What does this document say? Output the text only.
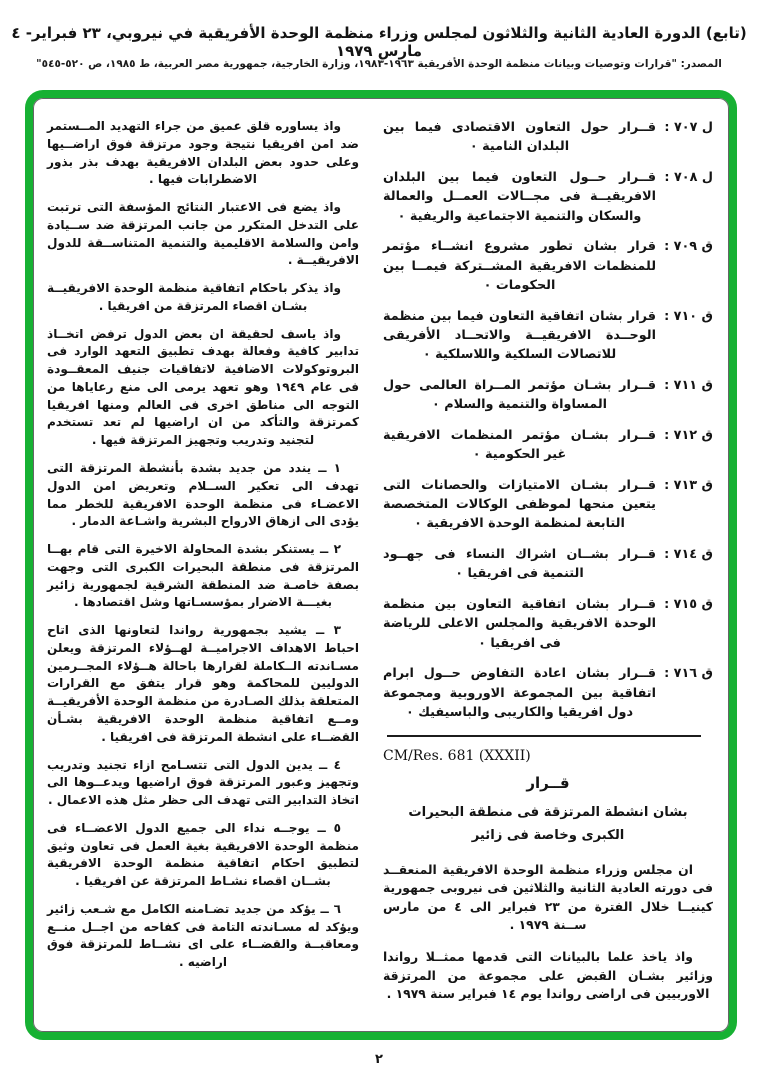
(تابع) الدورة العادية الثانية والثلاثون لمجلس وزراء منظمة الوحدة الأفريقية في نيروبي، ٢٣ فبراير- ٤ مارس ١٩٧٩
المصدر: "قرارات وتوصيات وبيانات منظمة الوحدة الأفريقية ١٩٦٣-١٩٨٣، وزارة الخارجية، جمهورية مصر العربية، ط ١٩٨٥، ص ٥٢٠-٥٤٥"
ل ٧٠٧ :
قــرار حول التعاون الاقتصادى فيما بين البلدان النامية ٠
ل ٧٠٨ :
قــرار حــول التعاون فيما بين البلدان الافريقيــة فى مجــالات العمــل والعمالة والسكان والتنمية الاجتماعية والريفية ٠
ق ٧٠٩ :
قرار بشان تطور مشروع انشــاء مؤتمر للمنظمات الافريقية المشــتركة فيمــا بين الحكومات ٠
ق ٧١٠ :
قرار بشان اتفاقية التعاون فيما بين منظمة الوحــدة الافريقيــة والاتحــاد الأفريقى للاتصالات السلكية واللاسلكية ٠
ق ٧١١ :
قــرار بشـان مؤتمر المــراة العالمى حول المساواة والتنمية والسلام ٠
ق ٧١٢ :
قــرار بشـان مؤتمر المنظمات الافريقية غير الحكومية ٠
ق ٧١٣ :
قــرار بشـان الامتيازات والحصانات التى يتعين منحها لموظفى الوكالات المتخصصة التابعة لمنظمة الوحدة الافريقية ٠
ق ٧١٤ :
قــرار بشــان اشراك النساء فى جهــود التنمية فى افريقيا ٠
ق ٧١٥ :
قــرار بشان اتفاقية التعاون بين منظمة الوحدة الافريقية والمجلس الاعلى للرياضة فى افريقيا ٠
ق ٧١٦ :
قــرار بشان اعادة التفاوض حــول ابرام اتفاقية بين المجموعة الاوروبية ومجموعة دول افريقيا والكاريبى والباسيفيك ٠
CM/Res. 681 (XXXII)
قــرار
بشان انشطة المرتزقة فى منطقة البحيرات
الكبرى وخاصة فى زائير
ان مجلس وزراء منظمة الوحدة الافريقية المنعقــد فى دورته العادية الثانية والثلاثين فى نيروبى جمهورية كينيــا خلال الفترة من ٢٣ فبراير الى ٤ من مارس ســنة ١٩٧٩ .
واذ ياخذ علما بالبيانات التى قدمها ممثــلا رواندا وزائير بشـان القبض على مجموعة من المرتزقة الاوربيين فى اراضى رواندا يوم ١٤ فبراير سنة ١٩٧٩ .
واذ يساوره قلق عميق من جراء التهديد المــستمر ضد امن افريقيا نتيجة وجود مرتزقة فوق اراضــيها وعلى حدود بعض البلدان الافريقية بهدف بذر بذور الاضطرابات فيها .
واذ يضع فى الاعتبار النتائج المؤسفة التى ترتبت على التدخل المتكرر من جانب المرتزقة ضد ســيادة وامن والسلامة الاقليمية والتنمية المتناســقة للدول الافريقيــة .
واذ يذكر باحكام اتفاقية منظمة الوحدة الافريقيــة بشـان اقصاء المرتزقة من افريقيا .
واذ ياسف لحقيقة ان بعض الدول ترفض اتخــاذ تدابير كافية وفعالة بهدف تطبيق التعهد الوارد فى البروتوكولات الاضافية لاتفاقيات جنيف المعقــودة فى عام ١٩٤٩ وهو تعهد يرمى الى منع رعاياها من التوجه الى مناطق اخرى فى العالم ومنها افريقيا كمرتزقة والتأكد من ان اراضيها لم تعد تستخدم لتجنيد وتدريب وتجهيز المرتزقة فيها .
١ ــ يندد من جديد بشدة بأنشطة المرتزقة التى تهدف الى تعكير الســلام وتعريض امن الدول الاعضـاء فى منظمة الوحدة الافريقية للخطر مما يؤدى الى ازهاق الارواح البشرية واشـاعة الدمار .
٢ ــ يستنكر بشدة المحاولة الاخيرة التى قام بهــا المرتزقة فى منطقة البحيرات الكبرى التى وجهت بصفة خاصـة ضد المنطقة الشرقية لجمهورية زائير بغيـــة الاضرار بمؤسسـاتها وشل اقتصادها .
٣ ــ يشيد بجمهورية رواندا لتعاونها الذى اتاح احباط الاهداف الاجراميــة لهــؤلاء المرتزقة ويعلن مسـاندته الــكاملة لقرارها باحالة هــؤلاء المجــرمين الدوليين للمحاكمة وهو قرار يتفق مع القرارات المتعلقة بذلك الصـادرة من منظمة الوحدة الأفريقيــة ومــع اتفاقية منظمة الوحدة الافريقية بشـأن القضــاء على انشطة المرتزقة فى افريقيا .
٤ ــ يدين الدول التى تتسـامح ازاء تجنيد وتدريب وتجهيز وعبور المرتزقة فوق اراضيها ويدعــوها الى اتخاذ التدابير التى تهدف الى حظر مثل هذه الاعمال .
٥ ــ يوجــه نداء الى جميع الدول الاعضــاء فى منظمة الوحدة الافريقية بغية العمل فى تعاون وثيق لتطبيق احكام اتفاقية منظمة الوحدة الافريقية بشــان اقصاء نشـاط المرتزقة عن افريقيا .
٦ ــ يؤكد من جديد تضـامنه الكامل مع شـعب زائير ويؤكد له مسـاندته التامة فى كفاحه من اجــل منــع ومعاقبــة والقضــاء على اى نشــاط للمرتزقة فوق اراضيه .
٢
